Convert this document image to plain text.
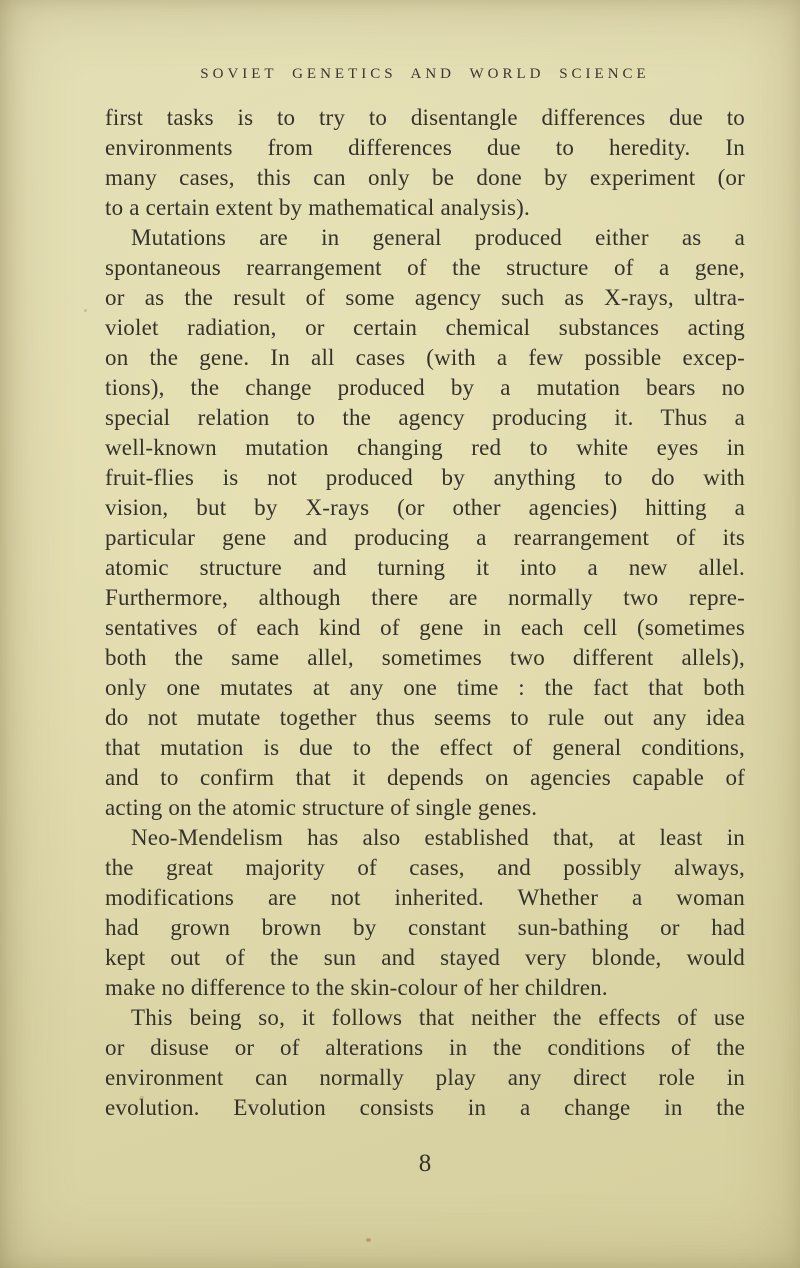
SOVIET GENETICS AND WORLD SCIENCE
first tasks is to try to disentangle differences due to
environments from differences due to heredity. In
many cases, this can only be done by experiment (or
to a certain extent by mathematical analysis).
Mutations are in general produced either as a
spontaneous rearrangement of the structure of a gene,
or as the result of some agency such as X-rays, ultra-
violet radiation, or certain chemical substances acting
on the gene. In all cases (with a few possible excep-
tions), the change produced by a mutation bears no
special relation to the agency producing it. Thus a
well-known mutation changing red to white eyes in
fruit-flies is not produced by anything to do with
vision, but by X-rays (or other agencies) hitting a
particular gene and producing a rearrangement of its
atomic structure and turning it into a new allel.
Furthermore, although there are normally two repre-
sentatives of each kind of gene in each cell (sometimes
both the same allel, sometimes two different allels),
only one mutates at any one time : the fact that both
do not mutate together thus seems to rule out any idea
that mutation is due to the effect of general conditions,
and to confirm that it depends on agencies capable of
acting on the atomic structure of single genes.
Neo-Mendelism has also established that, at least in
the great majority of cases, and possibly always,
modifications are not inherited. Whether a woman
had grown brown by constant sun-bathing or had
kept out of the sun and stayed very blonde, would
make no difference to the skin-colour of her children.
This being so, it follows that neither the effects of use
or disuse or of alterations in the conditions of the
environment can normally play any direct role in
evolution. Evolution consists in a change in the
8
